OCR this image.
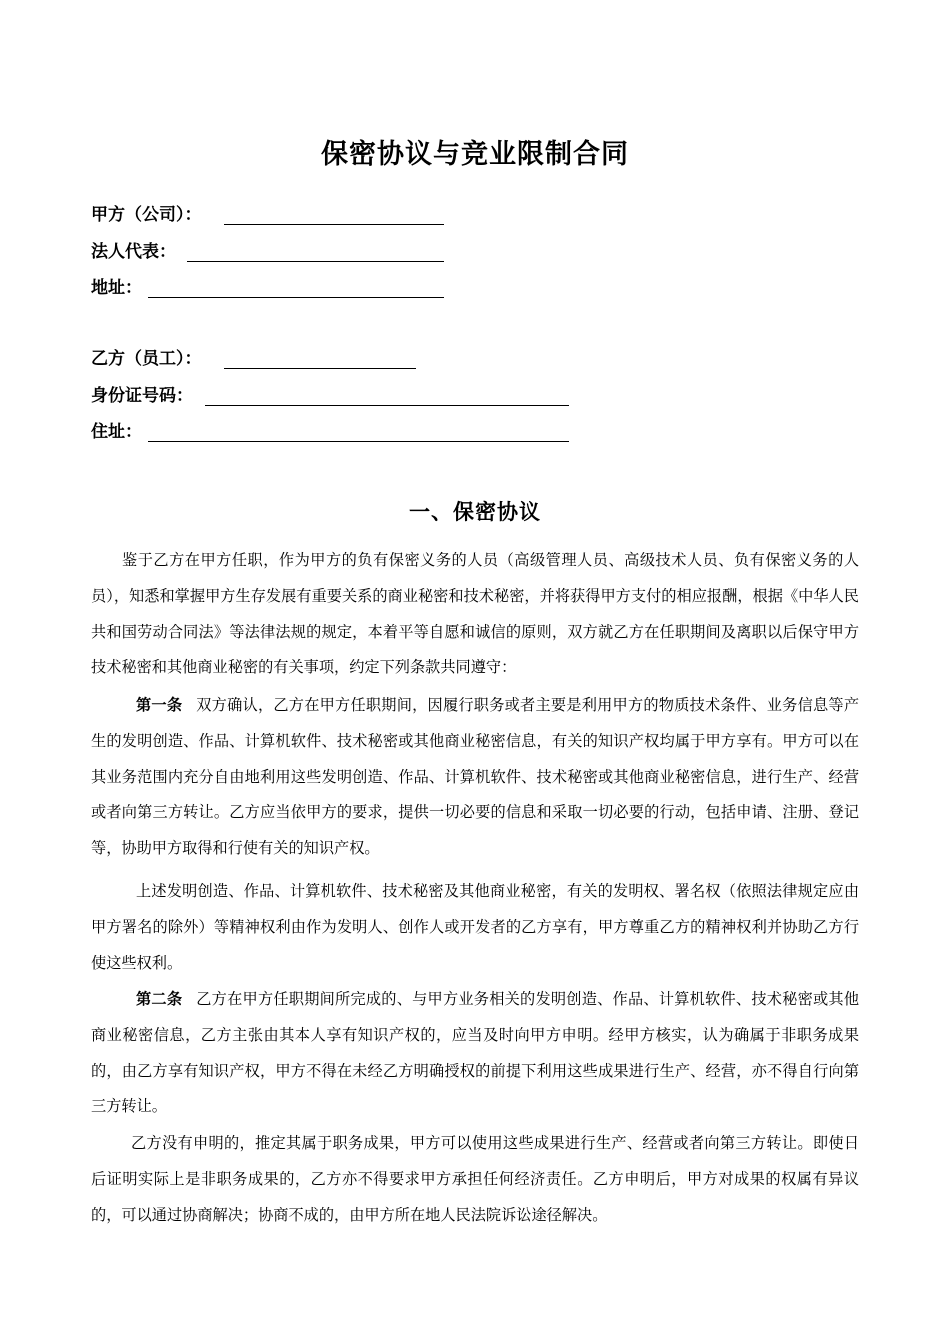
保密协议与竞业限制合同
甲方（公司）：
法人代表：
地址：
乙方（员工）：
身份证号码：
住址：
一、保密协议

鉴于乙方在甲方任职，作为甲方的负有保密义务的人员（高级管理人员、高级技术人员、负有保密义务的人员），知悉和掌握甲方生存发展有重要关系的商业秘密和技术秘密，并将获得甲方支付的相应报酬，根据《中华人民共和国劳动合同法》等法律法规的规定，本着平等自愿和诚信的原则，双方就乙方在任职期间及离职以后保守甲方技术秘密和其他商业秘密的有关事项，约定下列条款共同遵守：

第一条 双方确认，乙方在甲方任职期间，因履行职务或者主要是利用甲方的物质技术条件、业务信息等产生的发明创造、作品、计算机软件、技术秘密或其他商业秘密信息，有关的知识产权均属于甲方享有。甲方可以在其业务范围内充分自由地利用这些发明创造、作品、计算机软件、技术秘密或其他商业秘密信息，进行生产、经营或者向第三方转让。乙方应当依甲方的要求，提供一切必要的信息和采取一切必要的行动，包括申请、注册、登记等，协助甲方取得和行使有关的知识产权。

上述发明创造、作品、计算机软件、技术秘密及其他商业秘密，有关的发明权、署名权（依照法律规定应由甲方署名的除外）等精神权利由作为发明人、创作人或开发者的乙方享有，甲方尊重乙方的精神权利并协助乙方行使这些权利。

第二条 乙方在甲方任职期间所完成的、与甲方业务相关的发明创造、作品、计算机软件、技术秘密或其他商业秘密信息，乙方主张由其本人享有知识产权的，应当及时向甲方申明。经甲方核实，认为确属于非职务成果的，由乙方享有知识产权，甲方不得在未经乙方明确授权的前提下利用这些成果进行生产、经营，亦不得自行向第三方转让。

乙方没有申明的，推定其属于职务成果，甲方可以使用这些成果进行生产、经营或者向第三方转让。即使日后证明实际上是非职务成果的，乙方亦不得要求甲方承担任何经济责任。乙方申明后，甲方对成果的权属有异议的，可以通过协商解决；协商不成的，由甲方所在地人民法院诉讼途径解决。
